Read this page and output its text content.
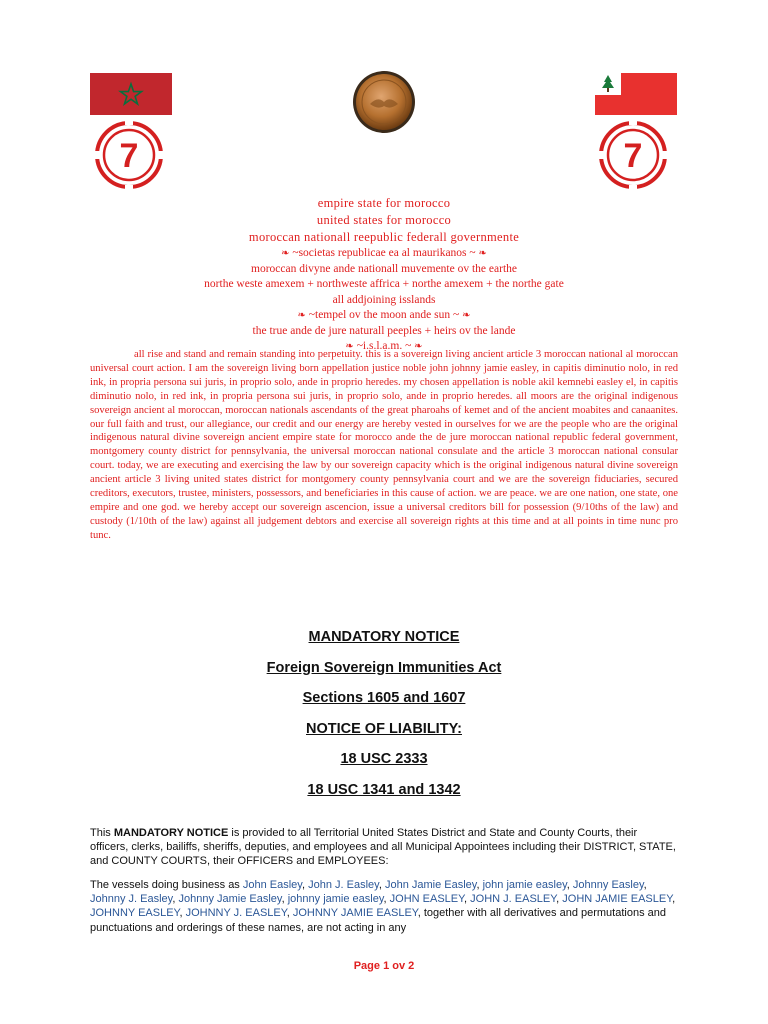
7	7
empire state for morocco
united states for morocco
moroccan nationall reepublic federall governmente
❧ ~societas republicae ea al maurikanos ~ ❧
moroccan divyne ande nationall muvemente ov the earthe
northe weste amexem + northweste affrica + northe amexem + the northe gate
all addjoining isslands
❧ ~tempel ov the moon ande sun ~ ❧
the true ande de jure naturall peeples + heirs ov the lande
❧ ~i.s.l.a.m. ~ ❧

all rise and stand and remain standing into perpetuity. this is a sovereign living ancient article 3 moroccan national al moroccan universal court action. I am the sovereign living born appellation justice noble john johnny jamie easley, in capitis diminutio nolo, in red ink, in propria persona sui juris, in proprio solo, ande in proprio heredes. my chosen appellation is noble akil kemnebi easley el, in capitis diminutio nolo, in red ink, in propria persona sui juris, in proprio solo, ande in proprio heredes. all moors are the original indigenous sovereign ancient al moroccan, moroccan nationals ascendants of the great pharoahs of kemet and of the ancient moabites and canaanites. our full faith and trust, our allegiance, our credit and our energy are hereby vested in ourselves for we are the people who are the original indigenous natural divine sovereign ancient empire state for morocco ande the de jure moroccan national republic federal government, montgomery county district for pennsylvania, the universal moroccan national consulate and the article 3 moroccan national consular court. today, we are executing and exercising the law by our sovereign capacity which is the original indigenous natural divine sovereign ancient article 3 living united states district for montgomery county pennsylvania court and we are the sovereign fiduciaries, secured creditors, executors, trustee, ministers, possessors, and beneficiaries in this cause of action. we are peace. we are one nation, one state, one empire and one god. we hereby accept our sovereign ascencion, issue a universal creditors bill for possession (9/10ths of the law) and custody (1/10th of the law) against all judgement debtors and exercise all sovereign rights at this time and at all points in time nunc pro tunc.

MANDATORY NOTICE
Foreign Sovereign Immunities Act
Sections 1605 and 1607
NOTICE OF LIABILITY:
18 USC 2333
18 USC 1341 and 1342

This MANDATORY NOTICE is provided to all Territorial United States District and State and County Courts, their officers, clerks, bailiffs, sheriffs, deputies, and employees and all Municipal Appointees including their DISTRICT, STATE, and COUNTY COURTS, their OFFICERS and EMPLOYEES:

The vessels doing business as John Easley, John J. Easley, John Jamie Easley, john jamie easley, Johnny Easley, Johnny J. Easley, Johnny Jamie Easley, johnny jamie easley, JOHN EASLEY, JOHN J. EASLEY, JOHN JAMIE EASLEY, JOHNNY EASLEY, JOHNNY J. EASLEY, JOHNNY JAMIE EASLEY, together with all derivatives and permutations and punctuations and orderings of these names, are not acting in any

Page 1 ov 2
